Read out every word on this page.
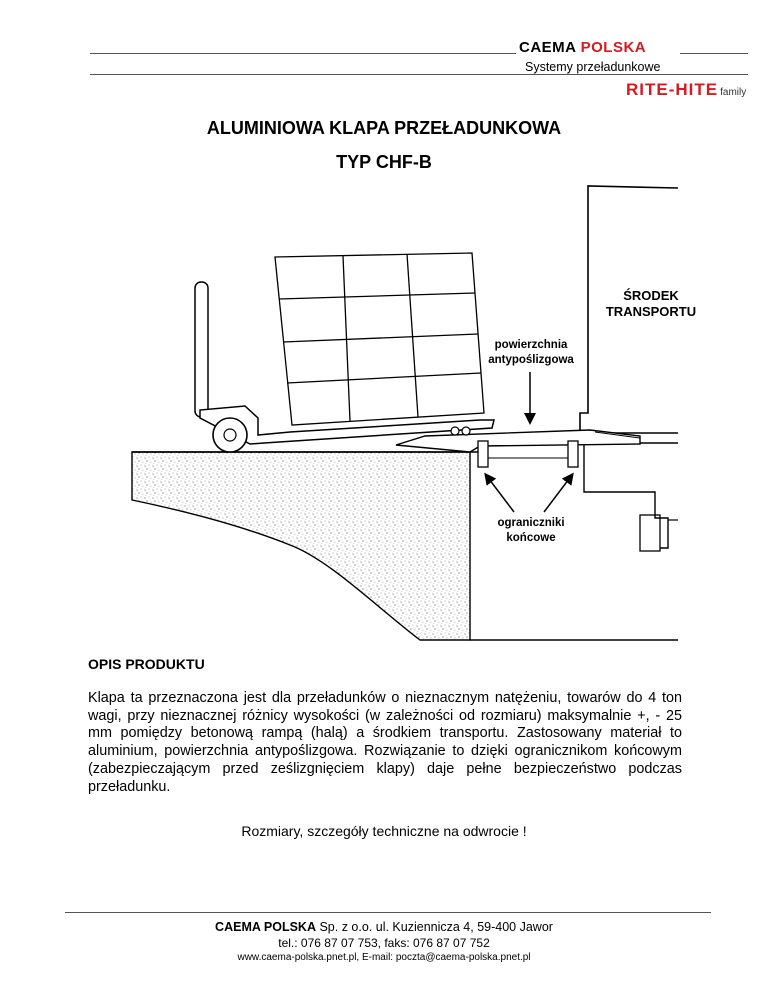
CAEMA POLSKA
Systemy przeładunkowe
RITE-HITE family
ALUMINIOWA KLAPA PRZEŁADUNKOWA
TYP CHF-B
ŚRODEK
TRANSPORTU
powierzchnia
antypoślizgowa
ograniczniki
końcowe
OPIS PRODUKTU
Klapa ta przeznaczona jest dla przeładunków o nieznacznym natężeniu, towarów do 4 ton wagi, przy nieznacznej różnicy wysokości (w zależności od rozmiaru) maksymalnie +, - 25 mm pomiędzy betonową rampą (halą) a środkiem transportu. Zastosowany materiał to aluminium, powierzchnia antypoślizgowa. Rozwiązanie to dzięki ogranicznikom końcowym (zabezpieczającym przed ześlizgnięciem klapy) daje pełne bezpieczeństwo podczas przeładunku.
Rozmiary, szczegóły techniczne na odwrocie !
CAEMA POLSKA Sp. z o.o. ul. Kuziennicza 4, 59-400 Jawor
tel.: 076 87 07 753, faks: 076 87 07 752
www.caema-polska.pnet.pl, E-mail: poczta@caema-polska.pnet.pl
